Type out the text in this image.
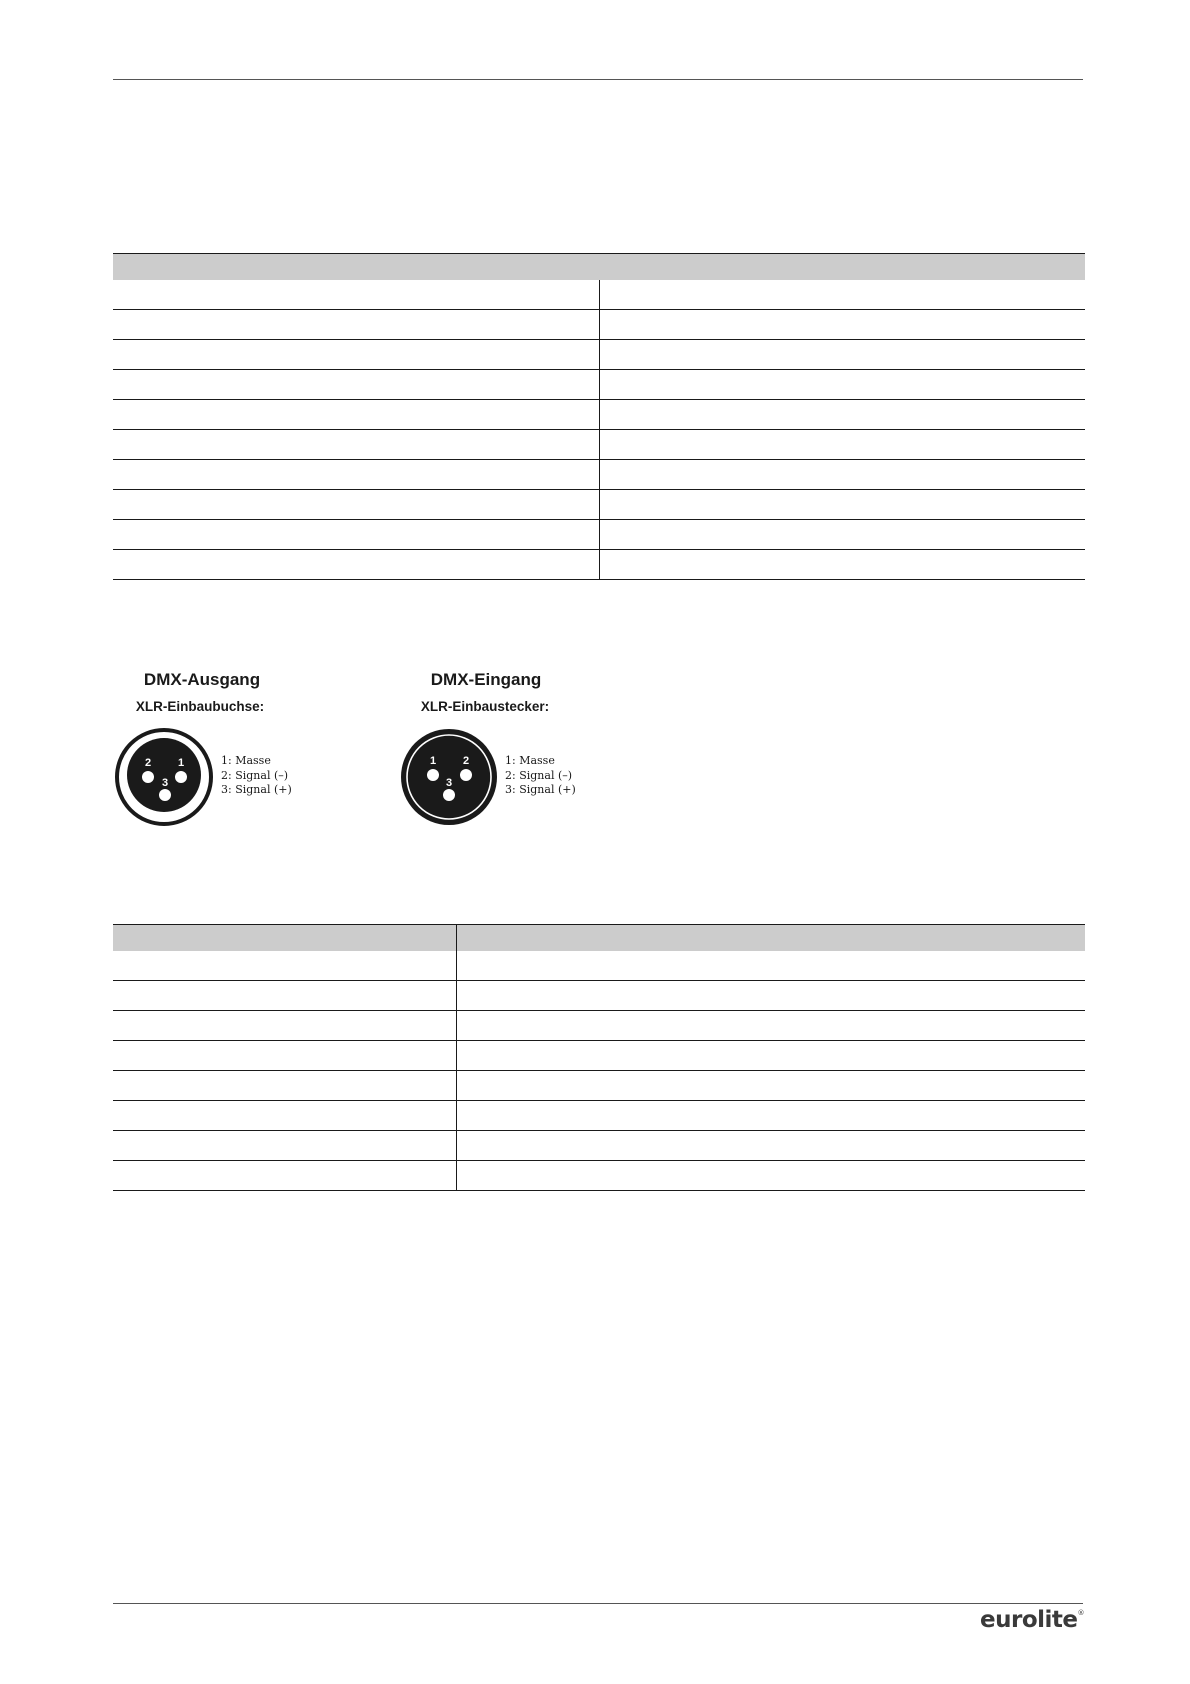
DMX-Ausgang
XLR-Einbaubuchse:
2 1
3
1: Masse
2: Signal (–)
3: Signal (+)
DMX-Eingang
XLR-Einbaustecker:
1 2
3
1: Masse
2: Signal (–)
3: Signal (+)

eurolite®
